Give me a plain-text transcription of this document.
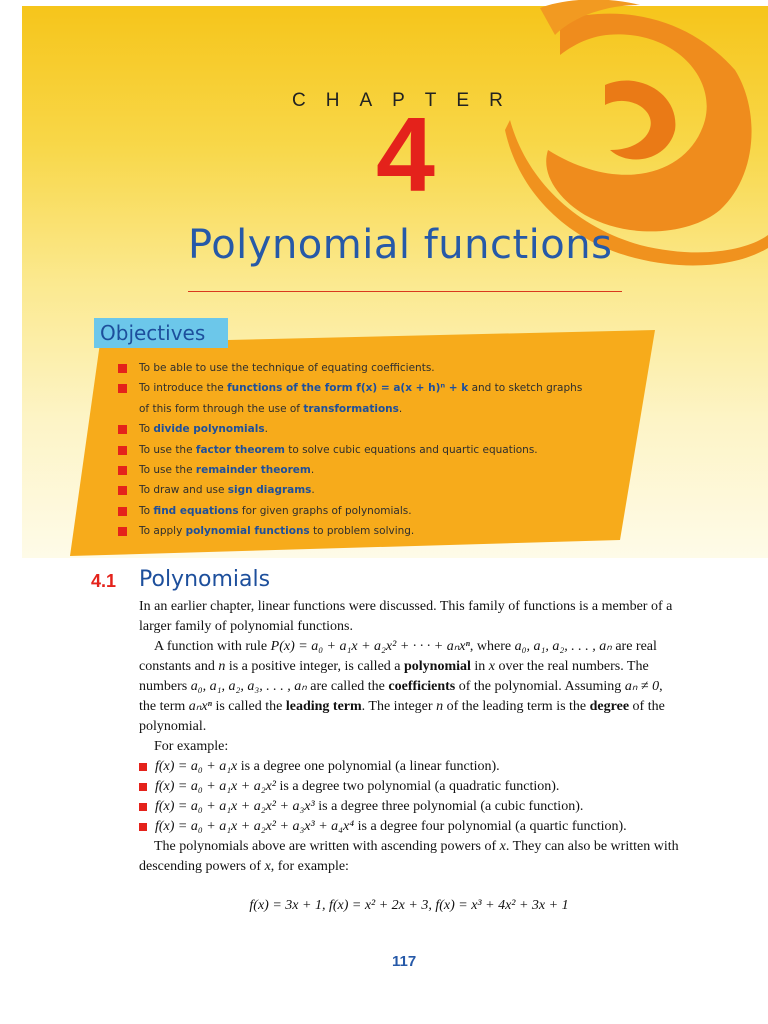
CHAPTER
4
Polynomial functions
Objectives
To be able to use the technique of equating coefficients.
To introduce the functions of the form f(x) = a(x + h)ⁿ + k and to sketch graphs
of this form through the use of transformations.
To divide polynomials.
To use the factor theorem to solve cubic equations and quartic equations.
To use the remainder theorem.
To draw and use sign diagrams.
To find equations for given graphs of polynomials.
To apply polynomial functions to problem solving.
4.1 Polynomials

In an earlier chapter, linear functions were discussed. This family of functions is a member of a larger family of polynomial functions.

A function with rule P(x) = a₀ + a₁x + a₂x² + · · · + aₙxⁿ, where a₀, a₁, a₂, . . . , aₙ are real constants and n is a positive integer, is called a polynomial in x over the real numbers. The numbers a₀, a₁, a₂, a₃, . . . , aₙ are called the coefficients of the polynomial. Assuming aₙ ≠ 0, the term aₙxⁿ is called the leading term. The integer n of the leading term is the degree of the polynomial.

For example:

f(x) = a₀ + a₁x is a degree one polynomial (a linear function).
f(x) = a₀ + a₁x + a₂x² is a degree two polynomial (a quadratic function).
f(x) = a₀ + a₁x + a₂x² + a₃x³ is a degree three polynomial (a cubic function).
f(x) = a₀ + a₁x + a₂x² + a₃x³ + a₄x⁴ is a degree four polynomial (a quartic function).

The polynomials above are written with ascending powers of x. They can also be written with descending powers of x, for example:

f(x) = 3x + 1, f(x) = x² + 2x + 3, f(x) = x³ + 4x² + 3x + 1
117
